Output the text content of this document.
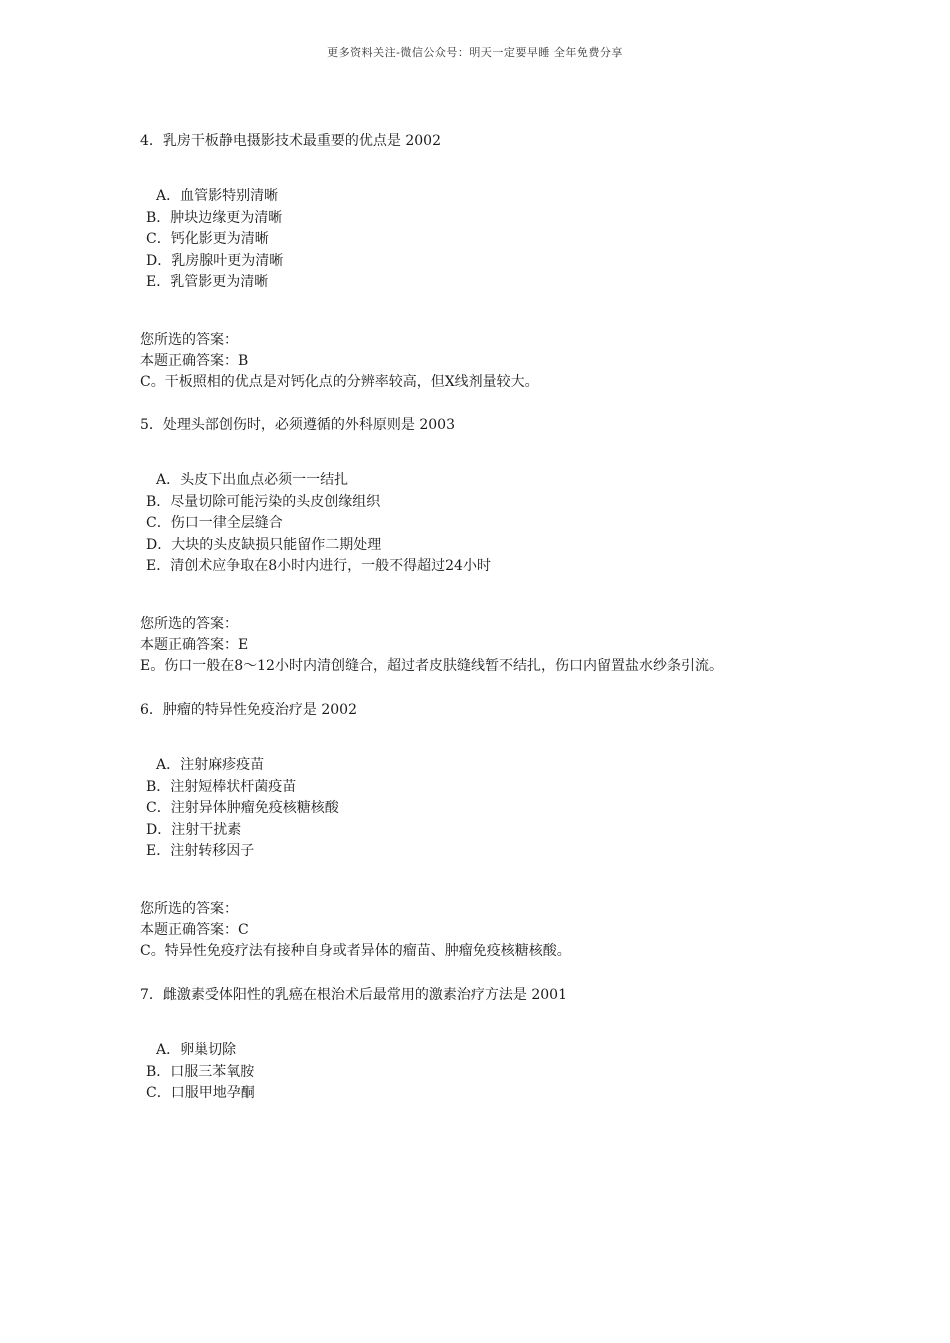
更多资料关注-微信公众号：明天一定要早睡 全年免费分享
4．乳房干板静电摄影技术最重要的优点是 2002
A．血管影特别清晰
B．肿块边缘更为清晰
C．钙化影更为清晰
D．乳房腺叶更为清晰
E．乳管影更为清晰
您所选的答案：
本题正确答案：B
C。干板照相的优点是对钙化点的分辨率较高，但X线剂量较大。
5．处理头部创伤时，必须遵循的外科原则是 2003
A．头皮下出血点必须一一结扎
B．尽量切除可能污染的头皮创缘组织
C．伤口一律全层缝合
D．大块的头皮缺损只能留作二期处理
E．清创术应争取在8小时内进行，一般不得超过24小时
您所选的答案：
本题正确答案：E
E。伤口一般在8～12小时内清创缝合，超过者皮肤缝线暂不结扎，伤口内留置盐水纱条引流。
6．肿瘤的特异性免疫治疗是 2002
A．注射麻疹疫苗
B．注射短棒状杆菌疫苗
C．注射异体肿瘤免疫核糖核酸
D．注射干扰素
E．注射转移因子
您所选的答案：
本题正确答案：C
C。特异性免疫疗法有接种自身或者异体的瘤苗、肿瘤免疫核糖核酸。
7．雌激素受体阳性的乳癌在根治术后最常用的激素治疗方法是 2001
A．卵巢切除
B．口服三苯氧胺
C．口服甲地孕酮
